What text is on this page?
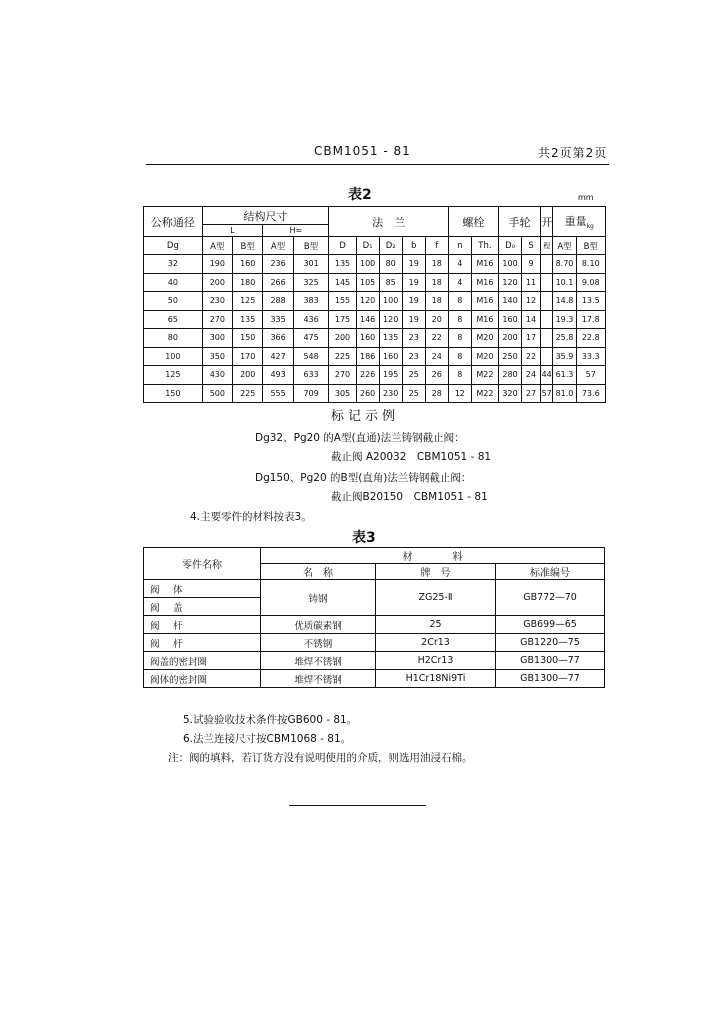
CBM1051 - 81	共2页第2页
表2	mm
公称通径	结构尺寸				法　兰					螺栓		手轮		开	重量$_{kg}$
	L		H≈													
Dg	A型	B型	A型	B型	D	D₁	D₂	b	f	n	Th.	D₀	S	程	A型	B型
32	190	160	236	301	135	100	80	19	18	4	M16	100	9		8.70	8.10
40	200	180	266	325	145	105	85	19	18	4	M16	120	11		10.1	9.08
50	230	125	288	383	155	120	100	19	18	8	M16	140	12		14.8	13.5
65	270	135	335	436	175	146	120	19	20	8	M16	160	14		19.3	17.8
80	300	150	366	475	200	160	135	23	22	8	M20	200	17		25.8	22.8
100	350	170	427	548	225	186	160	23	24	8	M20	250	22		35.9	33.3
125	430	200	493	633	270	226	195	25	26	8	M22	280	24	44	61.3	57
150	500	225	555	709	305	260	230	25	28	12	M22	320	27	57	81.0	73.6
标记示例
Dg32、Pg20 的A型(直通)法兰铸钢截止阀：
截止阀 A20032　CBM1051 - 81
Dg150、Pg20 的B型(直角)法兰铸钢截止阀：
截止阀B20150　CBM1051 - 81
4.主要零件的材料按表3。
表3
零件名称	材　　　　料		
	名　称	牌　号	标准编号
阀　体	铸钢	ZG25-Ⅱ	GB772—70
阀　盖			
阀　杆	优质碳素钢	25	GB699—65
阀　杆	不锈钢	2Cr13	GB1220—75
阀盖的密封圈	堆焊不锈钢	H2Cr13	GB1300—77
阀体的密封圈	堆焊不锈钢	H1Cr18Ni9Ti	GB1300—77
5.试验验收技术条件按GB600 - 81。
6.法兰连接尺寸按CBM1068 - 81。
注：阀的填料，若订货方没有说明使用的介质，则选用油浸石棉。
